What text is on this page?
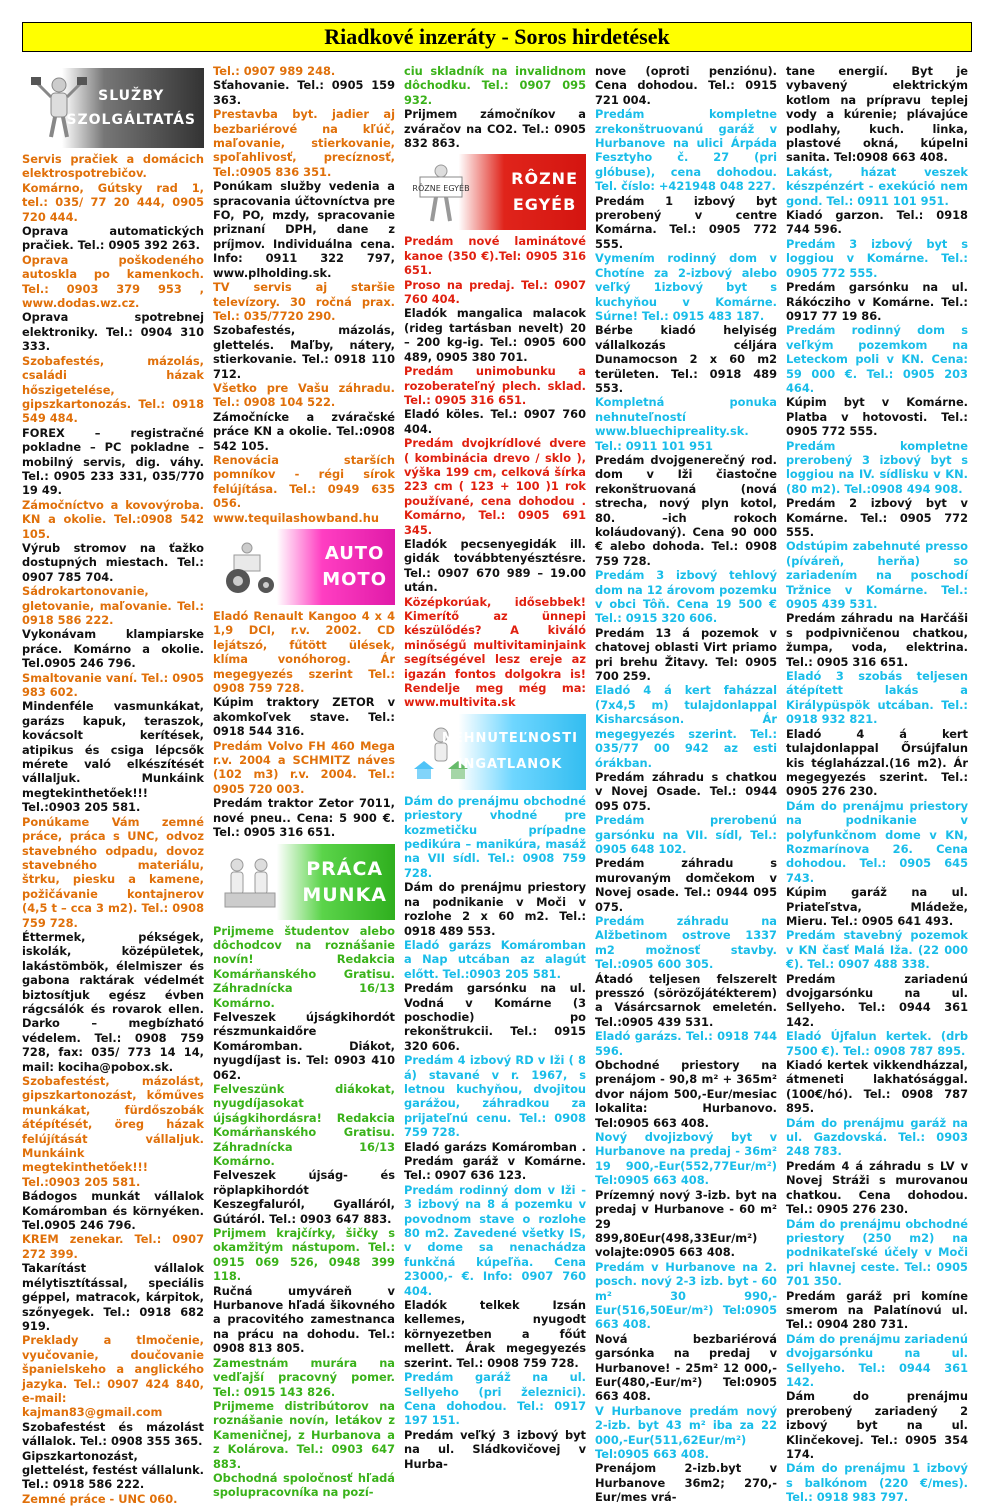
Riadkové inzeráty - Soros hirdetések
SLUŽBY
SZOLGÁLTATÁS

Servis pračiek a domácich elektrospotrebičov. Komárno, Gútsky rad 1, tel.: 035/ 77 20 444, 0905 720 444.

Oprava automatických pračiek. Tel.: 0905 392 263.

Oprava poškodeného autoskla po kamenkoch. Tel.: 0903 379 953 , www.dodas.wz.cz.

Oprava spotrebnej elektroniky. Tel.: 0904 310 333.

Szobafestés, mázolás, családi házak hőszigetelése, gipszkartonozás. Tel.: 0918 549 484.

FOREX – registračné pokladne – PC pokladne – mobilný servis, dig. váhy. Tel.: 0905 233 331, 035/770 19 49.

Zámočníctvo a kovovýroba. KN a okolie. Tel.:0908 542 105.

Výrub stromov na ťažko dostupných miestach. Tel.: 0907 785 704.

Sádrokartonovanie, gletovanie, maľovanie. Tel.: 0918 586 222.

Vykonávam klampiarske práce. Komárno a okolie. Tel.0905 246 796.

Smaltovanie vaní. Tel.: 0905 983 602.

Mindenféle vasmunkákat, garázs kapuk, teraszok, kovácsolt kerítések, atipikus és csiga lépcsők mérete való elkészítését vállaljuk. Munkáink megtekinthetőek!!! Tel.:0903 205 581.

Ponúkame Vám zemné práce, práca s UNC, odvoz stavebného odpadu, dovoz stavebného materiálu, štrku, piesku a kamene, požičávanie kontajnerov (4,5 t – cca 3 m2). Tel.: 0908 759 728.

Éttermek, pékségek, iskolák, középületek, lakástömbök, élelmiszer és gabona raktárak védelmét biztosítjuk egész évben rágcsálók és rovarok ellen. Darko – megbízható védelem. Tel.: 0908 759 728, fax: 035/ 773 14 14, mail: kociha@pobox.sk.

Szobafestést, mázolást, gipszkartonozást, kőműves munkákat, fürdőszobák átépítését, öreg házak felújítását vállaljuk. Munkáink megtekinthetőek!!! Tel.:0903 205 581.

Bádogos munkát vállalok Komáromban és környéken. Tel.0905 246 796.

KREM zenekar. Tel.: 0907 272 399.

Takarítást vállalok mélytisztítással, speciális géppel, matracok, kárpitok, szőnyegek. Tel.: 0918 682 919.

Preklady a tlmočenie, vyučovanie, doučovanie španielskeho a anglického jazyka. Tel.: 0907 424 840, e-mail: kajman83@gmail.com

Szobafestést és mázolást vállalok. Tel.: 0908 355 365.

Gipszkartonozást, glettelést, festést vállalunk. Tel.: 0918 586 222.

Zemné práce - UNC 060.

Tel.: 0907 989 248.

Sťahovanie. Tel.: 0905 159 363.

Prestavba byt. jadier aj bezbariérové na kľúč, maľovanie, stierkovanie, spoľahlivosť, precíznosť, Tel.:0905 836 351.

Ponúkam služby vedenia a spracovania účtovníctva pre FO, PO, mzdy, spracovanie priznaní DPH, dane z príjmov. Individuálna cena. Info: 0911 322 797, www.plholding.sk.

TV servis aj staršie televízory. 30 ročná prax. Tel.: 035/7720 290.

Szobafestés, mázolás, glettelés. Maľby, nátery, stierkovanie. Tel.: 0918 110 712.

Všetko pre Vašu záhradu. Tel.: 0908 104 522.

Zámočnícke a zváračské práce KN a okolie. Tel.:0908 542 105.

Renovácia starších pomníkov - régi sírok felújítása. Tel.: 0949 635 056. www.tequilashowband.hu

AUTO
MOTO

Eladó Renault Kangoo 4 x 4 1,9 DCI, r.v. 2002. CD lejátszó, fűtött ülések, klíma vonóhorog. Ár megegyezés szerint Tel.: 0908 759 728.

Kúpim traktory ZETOR v akomkoľvek stave. Tel.: 0918 544 316.

Predám Volvo FH 460 Mega r.v. 2004 a SCHMITZ náves (102 m3) r.v. 2004. Tel.: 0905 720 003.

Predám traktor Zetor 7011, nové pneu.. Cena: 5 900 €. Tel.: 0905 316 651.

PRÁCA
MUNKA

Prijmeme študentov alebo dôchodcov na roznášanie novín! Redakcia Komárňanského Gratisu. Záhradnícka 16/13 Komárno.

Felveszek újságkihordót részmunkaidőre Komáromban. Diákot, nyugdíjast is. Tel: 0903 410 062.

Felveszünk diákokat, nyugdíjasokat újságkihordásra! Redakcia Komárňanského Gratisu. Záhradnícka 16/13 Komárno.

Felveszek újság- és röplapkihordót Keszegfaluról, Gyalláról, Gútáról. Tel.: 0903 647 883.

Prijmem krajčírky, šičky s okamžitým nástupom. Tel.: 0915 069 526, 0948 399 118.

Ručná umyváreň v Hurbanove hľadá šikovného a pracovitého zamestnanca na prácu na dohodu. Tel.: 0908 813 805.

Zamestnám murára na vedľajší pracovný pomer. Tel.: 0915 143 826.

Prijmeme distribútorov na roznášanie novín, letákov z Kameničnej, z Hurbanova a z Kolárova. Tel.: 0903 647 883.

Obchodná spoločnosť hľadá spolupracovníka na pozí-

ciu skladník na invalidnom dôchodku. Tel.: 0907 095 932.

Prijmem zámočníkov a zváračov na CO2. Tel.: 0905 832 863.

RÔZNE EGYÉB
RÔZNE
EGYÉB

Predám nové laminátové kanoe (350 €).Tel: 0905 316 651.

Proso na predaj. Tel.: 0907 760 404.

Eladók mangalica malacok (rideg tartásban nevelt) 20 – 200 kg-ig. Tel.: 0905 600 489, 0905 380 701.

Predám unimobunku a rozoberateľný plech. sklad. Tel.: 0905 316 651.

Eladó köles. Tel.: 0907 760 404.

Predám dvojkrídlové dvere ( kombinácia drevo / sklo ), výška 199 cm, celková šírka 223 cm ( 123 + 100 )1 rok používané, cena dohodou . Komárno, Tel.: 0905 691 345.

Eladók pecsenyegidák ill. gidák továbbtenyésztésre. Tel.: 0907 670 989 – 19.00 után.

Középkorúak, idősebbek! Kimerítő az ünnepi készülődés? A kiváló minőségű multivitaminjaink segítségével lesz ereje az igazán fontos dolgokra is! Rendelje meg még ma: www.multivita.sk

NEHNUTEĽNOSTI
INGATLANOK

Dám do prenájmu obchodné priestory vhodné pre kozmetičku prípadne pedikúra – manikúra, masáž na VII sídl. Tel.: 0908 759 728.

Dám do prenájmu priestory na podnikanie v Moči v rozlohe 2 x 60 m2. Tel.: 0918 489 553.

Eladó garázs Komáromban a Nap utcában az alagút előtt. Tel.:0903 205 581.

Predám garsónku na ul. Vodná v Komárne (3 poschodie) po rekonštrukcii. Tel.: 0915 320 606.

Predám 4 izbový RD v Iži ( 8 á) stavané v r. 1967, s letnou kuchyňou, dvojitou garážou, záhradkou za prijateľnú cenu. Tel.: 0908 759 728.

Eladó garázs Komáromban . Predám garáž v Komárne. Tel.: 0907 636 123.

Predám rodinný dom v Iži - 3 izbový na 8 á pozemku v povodnom stave o rozlohe 80 m2. Zavedené všetky IS, v dome sa nenachádza funkčná kúpeľňa. Cena 23000,- €. Info: 0907 760 404.

Eladók telkek Izsán kellemes, nyugodt környezetben a főút mellett. Árak megegyezés szerint. Tel.: 0908 759 728.

Predám garáž na ul. Sellyeho (pri železnici). Cena dohodou. Tel.: 0917 197 151.

Predám veľký 3 izbový byt na ul. Sládkovičovej v Hurba-

nove (oproti penziónu). Cena dohodou. Tel.: 0915 721 004.

Predám kompletne zrekonštruovanú garáž v Hurbanove na ulici Árpáda Fesztyho č. 27 (pri glóbuse), cena dohodou. Tel. číslo: +421948 048 227.

Predám 1 izbový byt prerobený v centre Komárna. Tel.: 0905 772 555.

Vymením rodinný dom v Chotíne za 2-izbový alebo veľký 1izbový byt s kuchyňou v Komárne. Súrne! Tel.: 0915 483 187.

Bérbe kiadó helyiség vállalkozás céljára Dunamocson 2 x 60 m2 területen. Tel.: 0918 489 553.

Kompletná ponuka nehnuteľností www.bluechipreality.sk. Tel.: 0911 101 951

Predám dvojgenerečný rod. dom v Iži čiastočne rekonštruovaná (nová strecha, nový plyn kotol, 80. –ich rokoch koláudovaný). Cena 90 000 € alebo dohoda. Tel.: 0908 759 728.

Predám 3 izbový tehlový dom na 12 árovom pozemku v obci Tôň. Cena 19 500 € Tel.: 0915 320 606.

Predám 13 á pozemok v chatovej oblasti Virt priamo pri brehu Žitavy. Tel: 0905 700 259.

Eladó 4 á kert faházzal (7x4,5 m) tulajdonlappal Kisharcsáson. Ár megegyezés szerint. Tel.: 035/77 00 942 az esti órákban.

Predám záhradu s chatkou v Novej Osade. Tel.: 0944 095 075.

Predám prerobenú garsónku na VII. sídl, Tel.: 0905 648 102.

Predám záhradu s murovaným domčekom v Novej osade. Tel.: 0944 095 075.

Predám záhradu na Alžbetinom ostrove 1337 m2 možnosť stavby. Tel.:0905 600 305.

Átadó teljesen felszerelt presszó (sörözőjátékterem) a Vásárcsarnok emeletén. Tel.:0905 439 531.

Eladó garázs. Tel.: 0918 744 596.

Obchodné priestory na prenájom - 90,8 m² + 365m² dvor nájom 500,-Eur/mesiac lokalita: Hurbanovo. Tel:0905 663 408.

Nový dvojizbový byt v Hurbanove na predaj - 36m² 19 900,-Eur(552,77Eur/m²) Tel:0905 663 408.

Prízemný nový 3-izb. byt na predaj v Hurbanove - 60 m² 29 899,80Eur(498,33Eur/m²) volajte:0905 663 408.

Predám v Hurbanove na 2. posch. nový 2-3 izb. byt - 60 m² 30 990,-Eur(516,50Eur/m²) Tel:0905 663 408.

Nová bezbariérová garsónka na predaj v Hurbanove! - 25m² 12 000,-Eur(480,-Eur/m²) Tel:0905 663 408.

V Hurbanove predám nový 2-izb. byt 43 m² iba za 22 000,-Eur(511,62Eur/m²) Tel:0905 663 408.

Prenájom 2-izb.byt v Hurbanove 36m2; 270,-Eur/mes vrá-

tane energií. Byt je vybavený elektrickým kotlom na prípravu teplej vody a kúrenie; plávajúce podlahy, kuch. linka, plastové okná, kúpelni sanita. Tel:0908 663 408.

Lakást, házat veszek készpénzért - exekúció nem gond. Tel.: 0911 101 951.

Kiadó garzon. Tel.: 0918 744 596.

Predám 3 izbový byt s loggiou v Komárne. Tel.: 0905 772 555.

Predám garsónku na ul. Rákócziho v Komárne. Tel.: 0917 77 19 86.

Predám rodinný dom s veľkým pozemkom na Leteckom poli v KN. Cena: 59 000 €. Tel.: 0905 203 464.

Kúpim byt v Komárne. Platba v hotovosti. Tel.: 0905 772 555.

Predám kompletne prerobený 3 izbový byt s loggiou na IV. sídlisku v KN.(80 m2). Tel.:0908 494 908.

Predám 2 izbový byt v Komárne. Tel.: 0905 772 555.

Odstúpim zabehnuté presso (píváreň, herňa) so zariadením na poschodí Tržnice v Komárne. Tel.: 0905 439 531.

Predám záhradu na Harčáši s podpivničenou chatkou, žumpa, voda, elektrina. Tel.: 0905 316 651.

Eladó 3 szobás teljesen átépített lakás a Királypüspök utcában. Tel.: 0918 932 821.

Eladó 4 á kert tulajdonlappal Őrsújfalun kis téglaházzal.(16 m2). Ár megegyezés szerint. Tel.: 0905 276 230.

Dám do prenájmu priestory na podnikanie v polyfunkčnom dome v KN, Rozmarínova 26. Cena dohodou. Tel.: 0905 645 743.

Kúpim garáž na ul. Priateľstva, Mládeže, Mieru. Tel.: 0905 641 493.

Predám stavebný pozemok v KN časť Malá Iža. (22 000 €). Tel.: 0907 488 338.

Predám zariadenú dvojgarsónku na ul. Sellyeho. Tel.: 0944 361 142.

Eladó Újfalun kertek. (drb 7500 €). Tel.: 0908 787 895.

Kiadó kertek vikkendházzal, átmeneti lakhatósággal. (100€/hó). Tel.: 0908 787 895.

Dám do prenájmu garáž na ul. Gazdovská. Tel.: 0903 248 783.

Predám 4 á záhradu s LV v Novej Stráži s murovanou chatkou. Cena dohodou. Tel.: 0905 276 230.

Dám do prenájmu obchodné priestory (250 m2) na podnikateľské účely v Moči pri hlavnej ceste. Tel.: 0905 701 350.

Predám garáž pri komíne smerom na Palatínovú ul. Tel.: 0904 280 731.

Dám do prenájmu zariadenú dvojgarsónku na ul. Sellyeho. Tel.: 0944 361 142.

Dám do prenájmu prerobený zariadený 2 izbový byt na ul. Klinčekovej. Tel.: 0905 354 174.

Dám do prenájmu 1 izbový s balkónom (220 €/mes). Tel.: 0918 983 797.
